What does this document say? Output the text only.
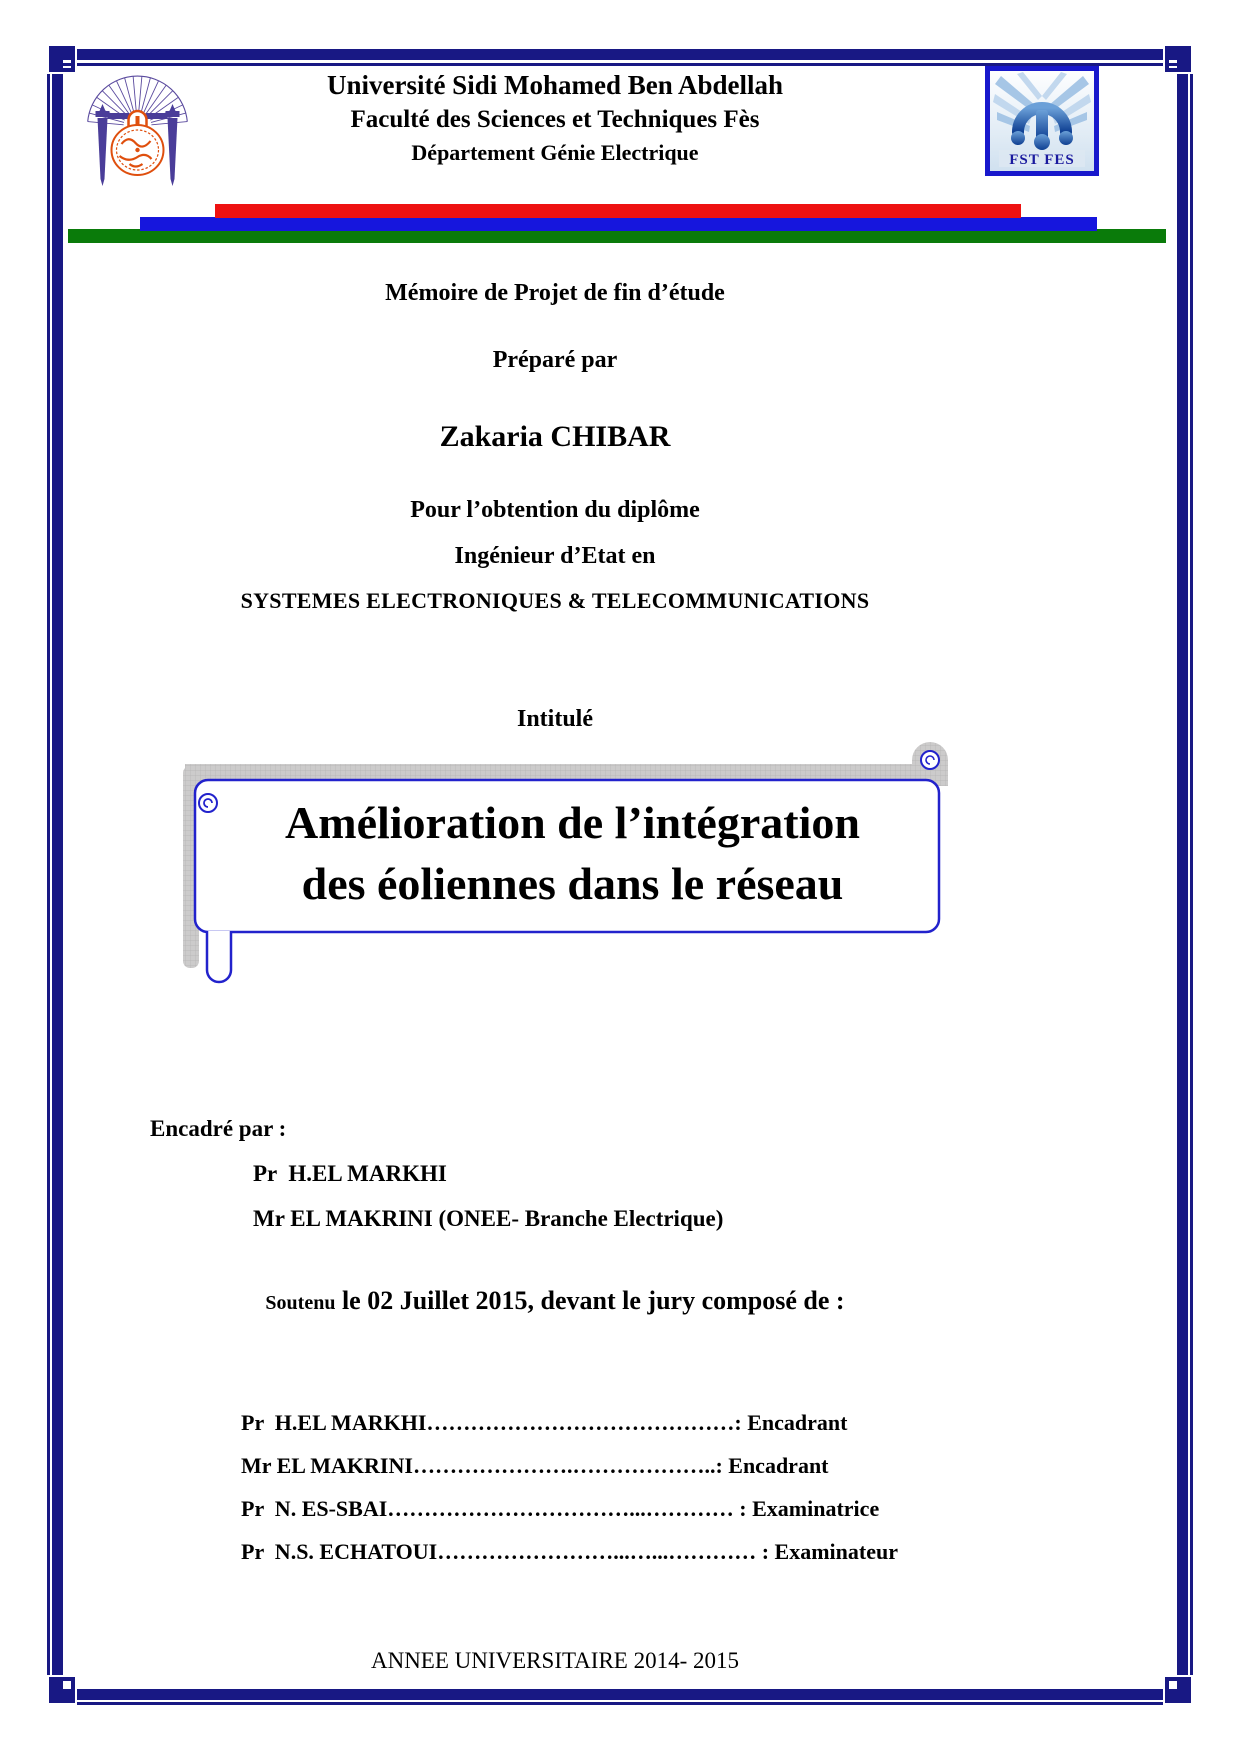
Université Sidi Mohamed Ben Abdellah
Faculté des Sciences et Techniques Fès
Département Génie Electrique	FST FES
Mémoire de Projet de fin d’étude
Préparé par
Zakaria CHIBAR
Pour l’obtention du diplôme
Ingénieur d’Etat en
SYSTEMES ELECTRONIQUES & TELECOMMUNICATIONS
Intitulé
Amélioration de l’intégration
des éoliennes dans le réseau
Encadré par :
Pr  H.EL MARKHI
Mr EL MAKRINI (ONEE- Branche Electrique)
Soutenu le 02 Juillet 2015, devant le jury composé de :

Pr  H.EL MARKHI……………………………………: Encadrant

Mr EL MAKRINI………………….………………..: Encadrant

Pr  N. ES-SBAI……………………………...………… : Examinatrice

Pr  N.S. ECHATOUI……………………...…...………… : Examinateur

ANNEE UNIVERSITAIRE 2014- 2015
